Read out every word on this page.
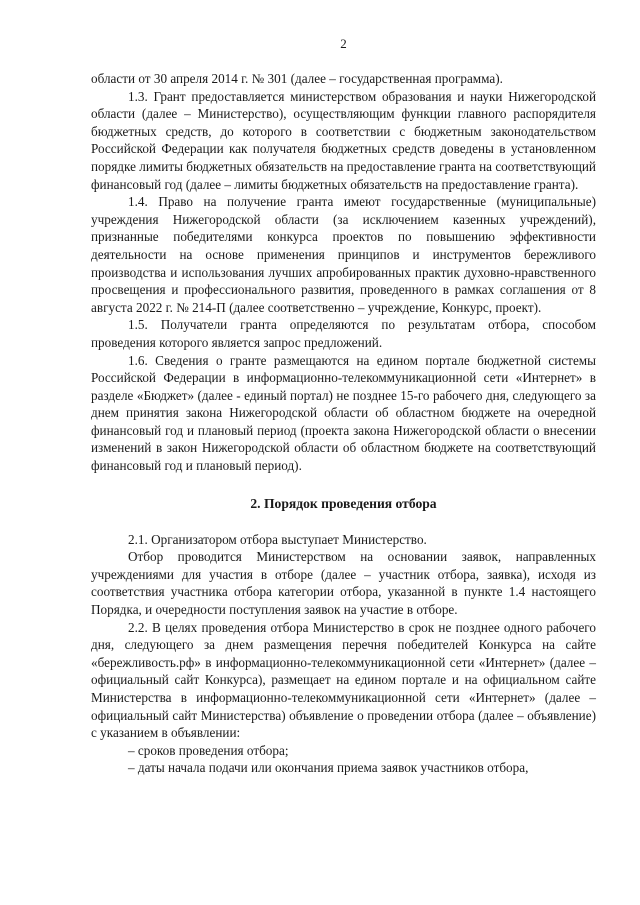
2

области от 30 апреля 2014 г. № 301 (далее – государственная программа).

1.3. Грант предоставляется министерством образования и науки Нижегородской области (далее – Министерство), осуществляющим функции главного распорядителя бюджетных средств, до которого в соответствии с бюджетным законодательством Российской Федерации как получателя бюджетных средств доведены в установленном порядке лимиты бюджетных обязательств на предоставление гранта на соответствующий финансовый год (далее – лимиты бюджетных обязательств на предоставление гранта).

1.4. Право на получение гранта имеют государственные (муниципальные) учреждения Нижегородской области (за исключением казенных учреждений), признанные победителями конкурса проектов по повышению эффективности деятельности на основе применения принципов и инструментов бережливого производства и использования лучших апробированных практик духовно-нравственного просвещения и профессионального развития, проведенного в рамках соглашения от 8 августа 2022 г. № 214-П (далее соответственно – учреждение, Конкурс, проект).

1.5. Получатели гранта определяются по результатам отбора, способом проведения которого является запрос предложений.

1.6. Сведения о гранте размещаются на едином портале бюджетной системы Российской Федерации в информационно-телекоммуникационной сети «Интернет» в разделе «Бюджет» (далее - единый портал) не позднее 15-го рабочего дня, следующего за днем принятия закона Нижегородской области об областном бюджете на очередной финансовый год и плановый период (проекта закона Нижегородской области о внесении изменений в закон Нижегородской области об областном бюджете на соответствующий финансовый год и плановый период).

2. Порядок проведения отбора

2.1. Организатором отбора выступает Министерство.

Отбор проводится Министерством на основании заявок, направленных учреждениями для участия в отборе (далее – участник отбора, заявка), исходя из соответствия участника отбора категории отбора, указанной в пункте 1.4 настоящего Порядка, и очередности поступления заявок на участие в отборе.

2.2. В целях проведения отбора Министерство в срок не позднее одного рабочего дня, следующего за днем размещения перечня победителей Конкурса на сайте «бережливость.рф» в информационно-телекоммуникационной сети «Интернет» (далее – официальный сайт Конкурса), размещает на едином портале и на официальном сайте Министерства в информационно-телекоммуникационной сети «Интернет» (далее – официальный сайт Министерства) объявление о проведении отбора (далее – объявление) с указанием в объявлении:

– сроков проведения отбора;

– даты начала подачи или окончания приема заявок участников отбора,
